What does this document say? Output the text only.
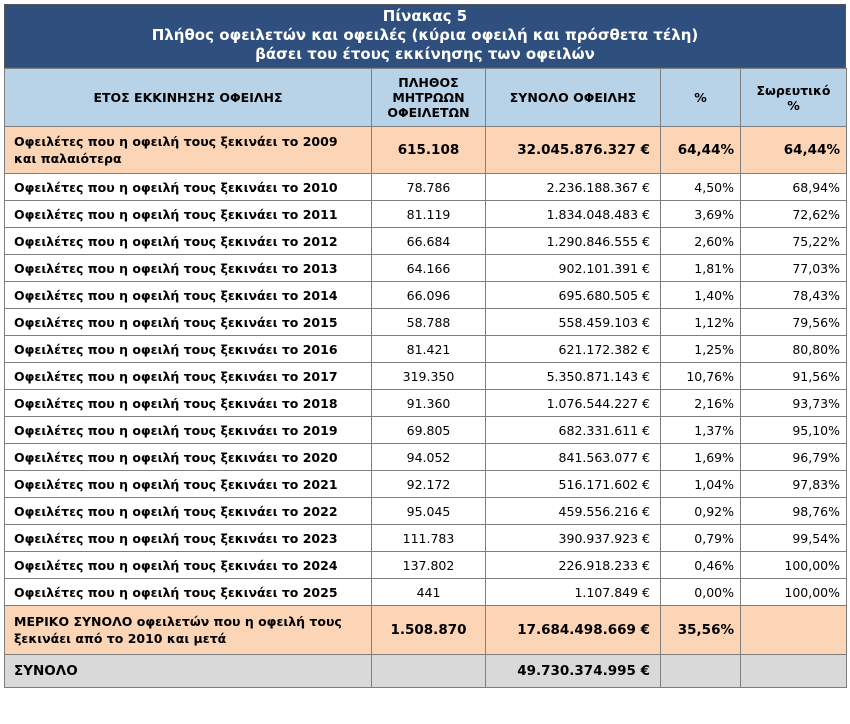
Πίνακας 5
Πλήθος οφειλετών και οφειλές (κύρια οφειλή και πρόσθετα τέλη)
βάσει του έτους εκκίνησης των οφειλών
ΕΤΟΣ ΕΚΚΙΝΗΣΗΣ ΟΦΕΙΛΗΣ	ΠΛΗΘΟΣ ΜΗΤΡΩΩΝ ΟΦΕΙΛΕΤΩΝ	ΣΥΝΟΛΟ ΟΦΕΙΛΗΣ	%	Σωρευτικό %
Οφειλέτες που η οφειλή τους ξεκινάει το 2009 και παλαιότερα	615.108	32.045.876.327 €	64,44%	64,44%
Οφειλέτες που η οφειλή τους ξεκινάει το 2010	78.786	2.236.188.367 €	4,50%	68,94%
Οφειλέτες που η οφειλή τους ξεκινάει το 2011	81.119	1.834.048.483 €	3,69%	72,62%
Οφειλέτες που η οφειλή τους ξεκινάει το 2012	66.684	1.290.846.555 €	2,60%	75,22%
Οφειλέτες που η οφειλή τους ξεκινάει το 2013	64.166	902.101.391 €	1,81%	77,03%
Οφειλέτες που η οφειλή τους ξεκινάει το 2014	66.096	695.680.505 €	1,40%	78,43%
Οφειλέτες που η οφειλή τους ξεκινάει το 2015	58.788	558.459.103 €	1,12%	79,56%
Οφειλέτες που η οφειλή τους ξεκινάει το 2016	81.421	621.172.382 €	1,25%	80,80%
Οφειλέτες που η οφειλή τους ξεκινάει το 2017	319.350	5.350.871.143 €	10,76%	91,56%
Οφειλέτες που η οφειλή τους ξεκινάει το 2018	91.360	1.076.544.227 €	2,16%	93,73%
Οφειλέτες που η οφειλή τους ξεκινάει το 2019	69.805	682.331.611 €	1,37%	95,10%
Οφειλέτες που η οφειλή τους ξεκινάει το 2020	94.052	841.563.077 €	1,69%	96,79%
Οφειλέτες που η οφειλή τους ξεκινάει το 2021	92.172	516.171.602 €	1,04%	97,83%
Οφειλέτες που η οφειλή τους ξεκινάει το 2022	95.045	459.556.216 €	0,92%	98,76%
Οφειλέτες που η οφειλή τους ξεκινάει το 2023	111.783	390.937.923 €	0,79%	99,54%
Οφειλέτες που η οφειλή τους ξεκινάει το 2024	137.802	226.918.233 €	0,46%	100,00%
Οφειλέτες που η οφειλή τους ξεκινάει το 2025	441	1.107.849 €	0,00%	100,00%
ΜΕΡΙΚΟ ΣΥΝΟΛΟ οφειλετών που η οφειλή τους ξεκινάει από το 2010 και μετά	1.508.870	17.684.498.669 €	35,56%	
ΣΥΝΟΛΟ		49.730.374.995 €		
